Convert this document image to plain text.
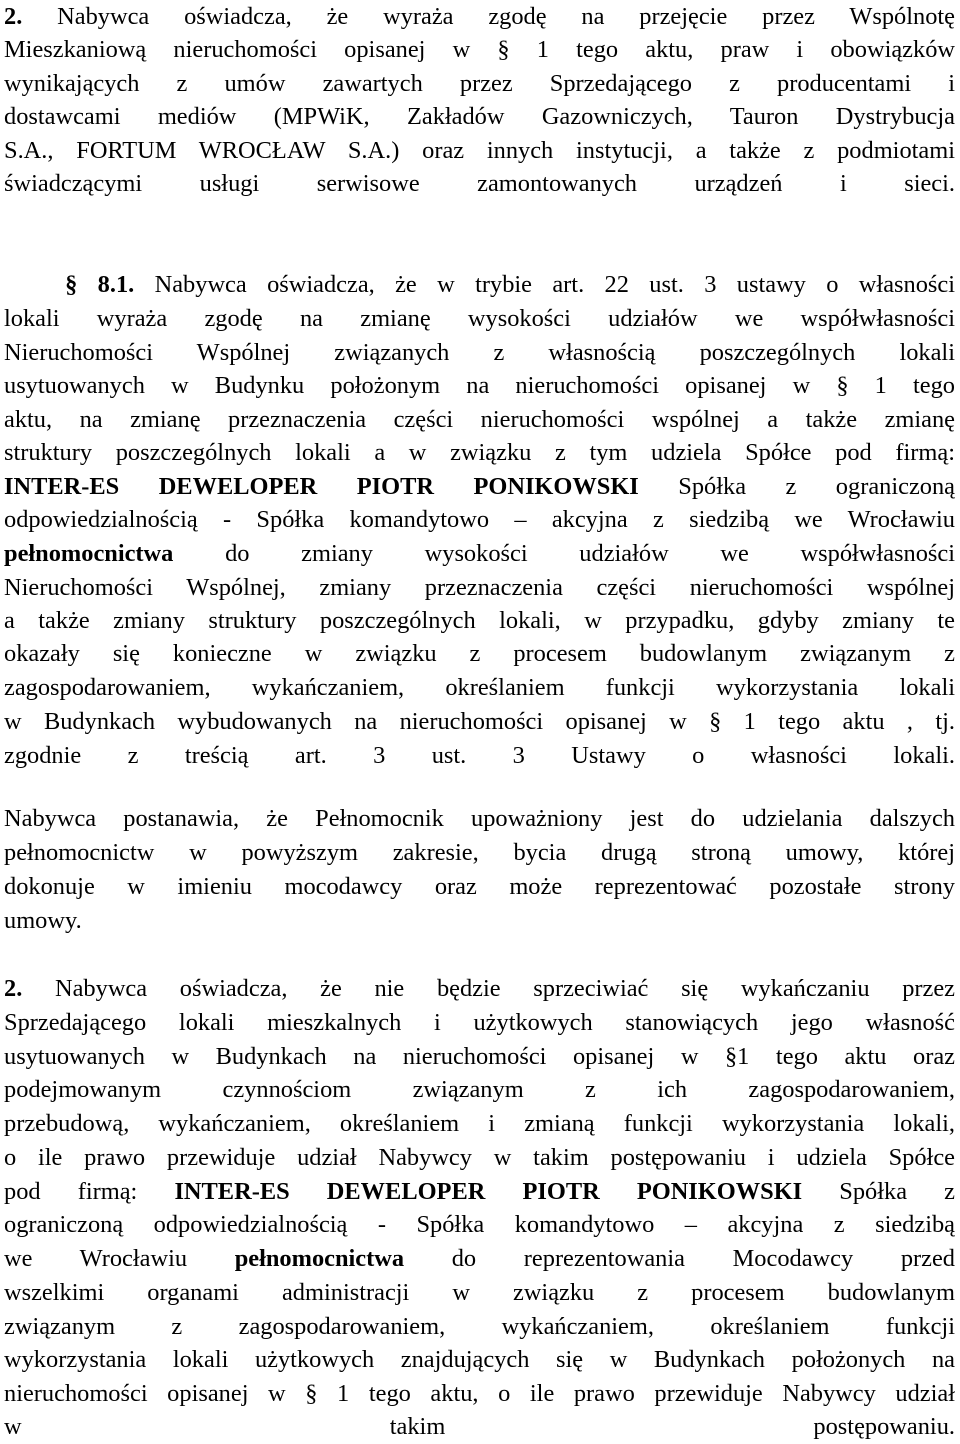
2. Nabywca oświadcza, że wyraża zgodę na przejęcie przez Wspólnotę
Mieszkaniową nieruchomości opisanej w § 1 tego aktu, praw i obowiązków
wynikających z umów zawartych przez Sprzedającego z producentami i
dostawcami mediów (MPWiK, Zakładów Gazowniczych, Tauron Dystrybucja
S.A., FORTUM WROCŁAW S.A.) oraz innych instytucji, a także z podmiotami
świadczącymi usługi serwisowe zamontowanych urządzeń i sieci.
§ 8.1. Nabywca oświadcza, że w trybie art. 22 ust. 3 ustawy o własności
lokali wyraża zgodę na zmianę wysokości udziałów we współwłasności
Nieruchomości Wspólnej związanych z własnością poszczególnych lokali
usytuowanych w Budynku położonym na nieruchomości opisanej w § 1 tego
aktu, na zmianę przeznaczenia części nieruchomości wspólnej a także zmianę
struktury poszczególnych lokali a w związku z tym udziela Spółce pod firmą:
INTER-ES DEWELOPER PIOTR PONIKOWSKI Spółka z ograniczoną
odpowiedzialnością - Spółka komandytowo – akcyjna z siedzibą we Wrocławiu
pełnomocnictwa do zmiany wysokości udziałów we współwłasności
Nieruchomości Wspólnej, zmiany przeznaczenia części nieruchomości wspólnej
a także zmiany struktury poszczególnych lokali, w przypadku, gdyby zmiany te
okazały się konieczne w związku z procesem budowlanym związanym z
zagospodarowaniem, wykańczaniem, określaniem funkcji wykorzystania lokali
w Budynkach wybudowanych na nieruchomości opisanej w § 1 tego aktu , tj.
zgodnie z treścią art. 3 ust. 3 Ustawy o własności lokali.
Nabywca postanawia, że Pełnomocnik upoważniony jest do udzielania dalszych
pełnomocnictw w powyższym zakresie, bycia drugą stroną umowy, której
dokonuje w imieniu mocodawcy oraz może reprezentować pozostałe strony
umowy.
2. Nabywca oświadcza, że nie będzie sprzeciwiać się wykańczaniu przez
Sprzedającego lokali mieszkalnych i użytkowych stanowiących jego własność
usytuowanych w Budynkach na nieruchomości opisanej w §1 tego aktu oraz
podejmowanym czynnościom związanym z ich zagospodarowaniem,
przebudową, wykańczaniem, określaniem i zmianą funkcji wykorzystania lokali,
o ile prawo przewiduje udział Nabywcy w takim postępowaniu i udziela Spółce
pod firmą: INTER-ES DEWELOPER PIOTR PONIKOWSKI Spółka z
ograniczoną odpowiedzialnością - Spółka komandytowo – akcyjna z siedzibą
we Wrocławiu pełnomocnictwa do reprezentowania Mocodawcy przed
wszelkimi organami administracji w związku z procesem budowlanym
związanym z zagospodarowaniem, wykańczaniem, określaniem funkcji
wykorzystania lokali użytkowych znajdujących się w Budynkach położonych na
nieruchomości opisanej w § 1 tego aktu, o ile prawo przewiduje Nabywcy udział
w takim postępowaniu.
